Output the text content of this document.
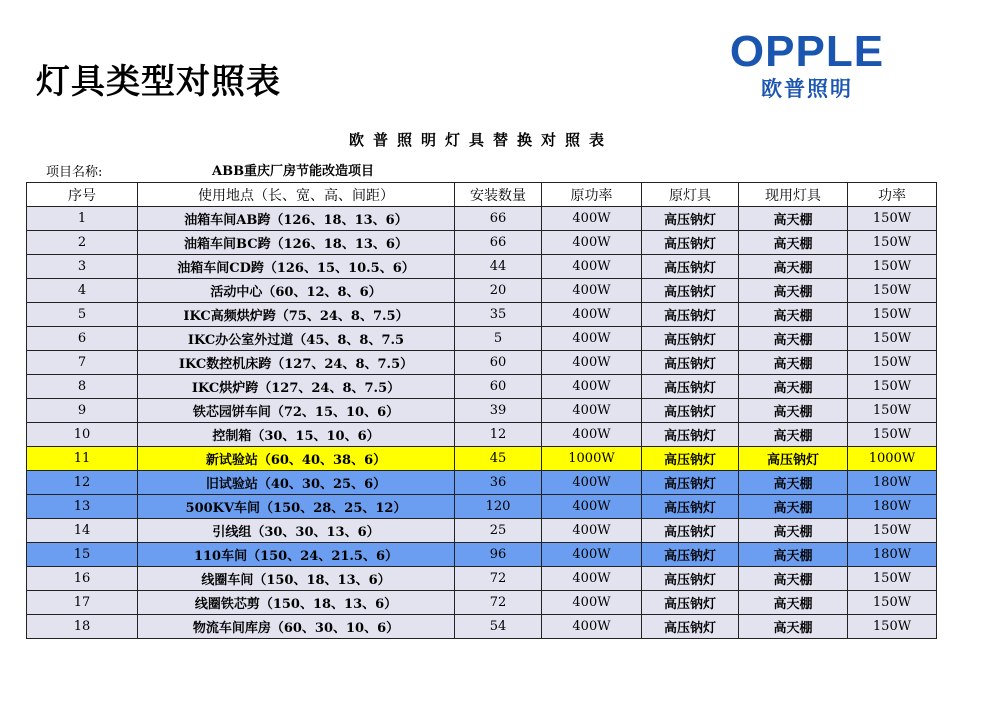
灯具类型对照表
OPPLE
欧普照明
欧普照明灯具替换对照表
项目名称:	ABB重庆厂房节能改造项目
序号	使用地点（长、宽、高、间距）	安装数量	原功率	原灯具	现用灯具	功率
1	油箱车间AB跨（126、18、13、6）	66	400W	高压钠灯	高天棚	150W
2	油箱车间BC跨（126、18、13、6）	66	400W	高压钠灯	高天棚	150W
3	油箱车间CD跨（126、15、10.5、6）	44	400W	高压钠灯	高天棚	150W
4	活动中心（60、12、8、6）	20	400W	高压钠灯	高天棚	150W
5	IKC高频烘炉跨（75、24、8、7.5）	35	400W	高压钠灯	高天棚	150W
6	IKC办公室外过道（45、8、8、7.5	5	400W	高压钠灯	高天棚	150W
7	IKC数控机床跨（127、24、8、7.5）	60	400W	高压钠灯	高天棚	150W
8	IKC烘炉跨（127、24、8、7.5）	60	400W	高压钠灯	高天棚	150W
9	铁芯园饼车间（72、15、10、6）	39	400W	高压钠灯	高天棚	150W
10	控制箱（30、15、10、6）	12	400W	高压钠灯	高天棚	150W
11	新试验站（60、40、38、6）	45	1000W	高压钠灯	高压钠灯	1000W
12	旧试验站（40、30、25、6）	36	400W	高压钠灯	高天棚	180W
13	500KV车间（150、28、25、12）	120	400W	高压钠灯	高天棚	180W
14	引线组（30、30、13、6）	25	400W	高压钠灯	高天棚	150W
15	110车间（150、24、21.5、6）	96	400W	高压钠灯	高天棚	180W
16	线圈车间（150、18、13、6）	72	400W	高压钠灯	高天棚	150W
17	线圈铁芯剪（150、18、13、6）	72	400W	高压钠灯	高天棚	150W
18	物流车间库房（60、30、10、6）	54	400W	高压钠灯	高天棚	150W
